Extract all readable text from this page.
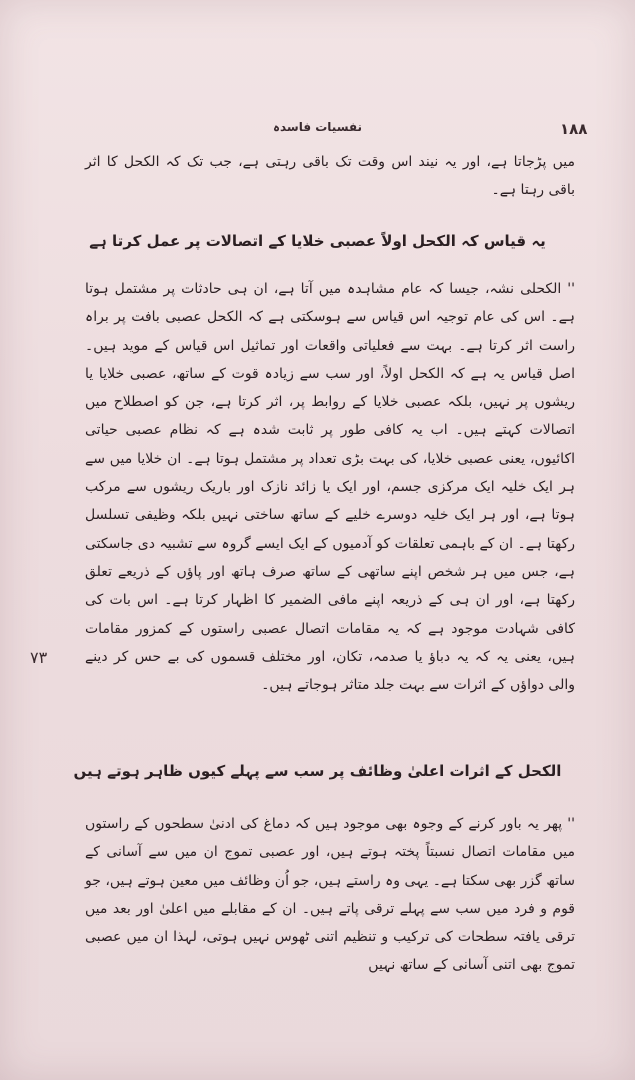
نفسیات فاسدہ	۱۸۸
میں پڑجاتا ہے، اور یہ نیند اس وقت تک باقی رہتی ہے، جب تک کہ الکحل کا اثر باقی رہتا ہے۔
یہ قیاس کہ الکحل اولاً عصبی خلایا کے اتصالات پر عمل کرتا ہے
'' الکحلی نشہ، جیسا کہ عام مشاہدہ میں آتا ہے، ان ہی حادثات پر مشتمل ہوتا ہے۔ اس کی عام توجیہ اس قیاس سے ہوسکتی ہے کہ الکحل عصبی بافت پر براہ راست اثر کرتا ہے۔ بہت سے فعلیاتی واقعات اور تماثیل اس قیاس کے موید ہیں۔ اصل قیاس یہ ہے کہ الکحل اولاً، اور سب سے زیادہ قوت کے ساتھ، عصبی خلایا یا ریشوں پر نہیں، بلکہ عصبی خلایا کے روابط پر، اثر کرتا ہے، جن کو اصطلاح میں اتصالات کہتے ہیں۔ اب یہ کافی طور پر ثابت شدہ ہے کہ نظام عصبی حیاتی اکائیوں، یعنی عصبی خلایا، کی بہت بڑی تعداد پر مشتمل ہوتا ہے۔ ان خلایا میں سے ہر ایک خلیہ ایک مرکزی جسم، اور ایک یا زائد نازک اور باریک ریشوں سے مرکب ہوتا ہے، اور ہر ایک خلیہ دوسرے خلیے کے ساتھ ساختی نہیں بلکہ وظیفی تسلسل رکھتا ہے۔ ان کے باہمی تعلقات کو آدمیوں کے ایک ایسے گروہ سے تشبیہ دی جاسکتی ہے، جس میں ہر شخص اپنے ساتھی کے ساتھ صرف ہاتھ اور پاؤں کے ذریعے تعلق رکھتا ہے، اور ان ہی کے ذریعہ اپنے مافی الضمیر کا اظہار کرتا ہے۔ اس بات کی کافی شہادت موجود ہے کہ یہ مقامات اتصال عصبی راستوں کے کمزور مقامات ہیں، یعنی یہ کہ یہ دباؤ یا صدمہ، تکان، اور مختلف قسموں کی بے حس کر دینے والی دواؤں کے اثرات سے بہت جلد متاثر ہوجاتے ہیں۔
۷۳
الکحل کے اثرات اعلیٰ وظائف پر سب سے پہلے کیوں ظاہر ہوتے ہیں
'' پھر یہ باور کرنے کے وجوہ بھی موجود ہیں کہ دماغ کی ادنیٰ سطحوں کے راستوں میں مقامات اتصال نسبتاً پختہ ہوتے ہیں، اور عصبی تموج ان میں سے آسانی کے ساتھ گزر بھی سکتا ہے۔ یہی وہ راستے ہیں، جو اُن وظائف میں معین ہوتے ہیں، جو قوم و فرد میں سب سے پہلے ترقی پاتے ہیں۔ ان کے مقابلے میں اعلیٰ اور بعد میں ترقی یافتہ سطحات کی ترکیب و تنظیم اتنی ٹھوس نہیں ہوتی، لہذا ان میں عصبی تموج بھی اتنی آسانی کے ساتھ نہیں
